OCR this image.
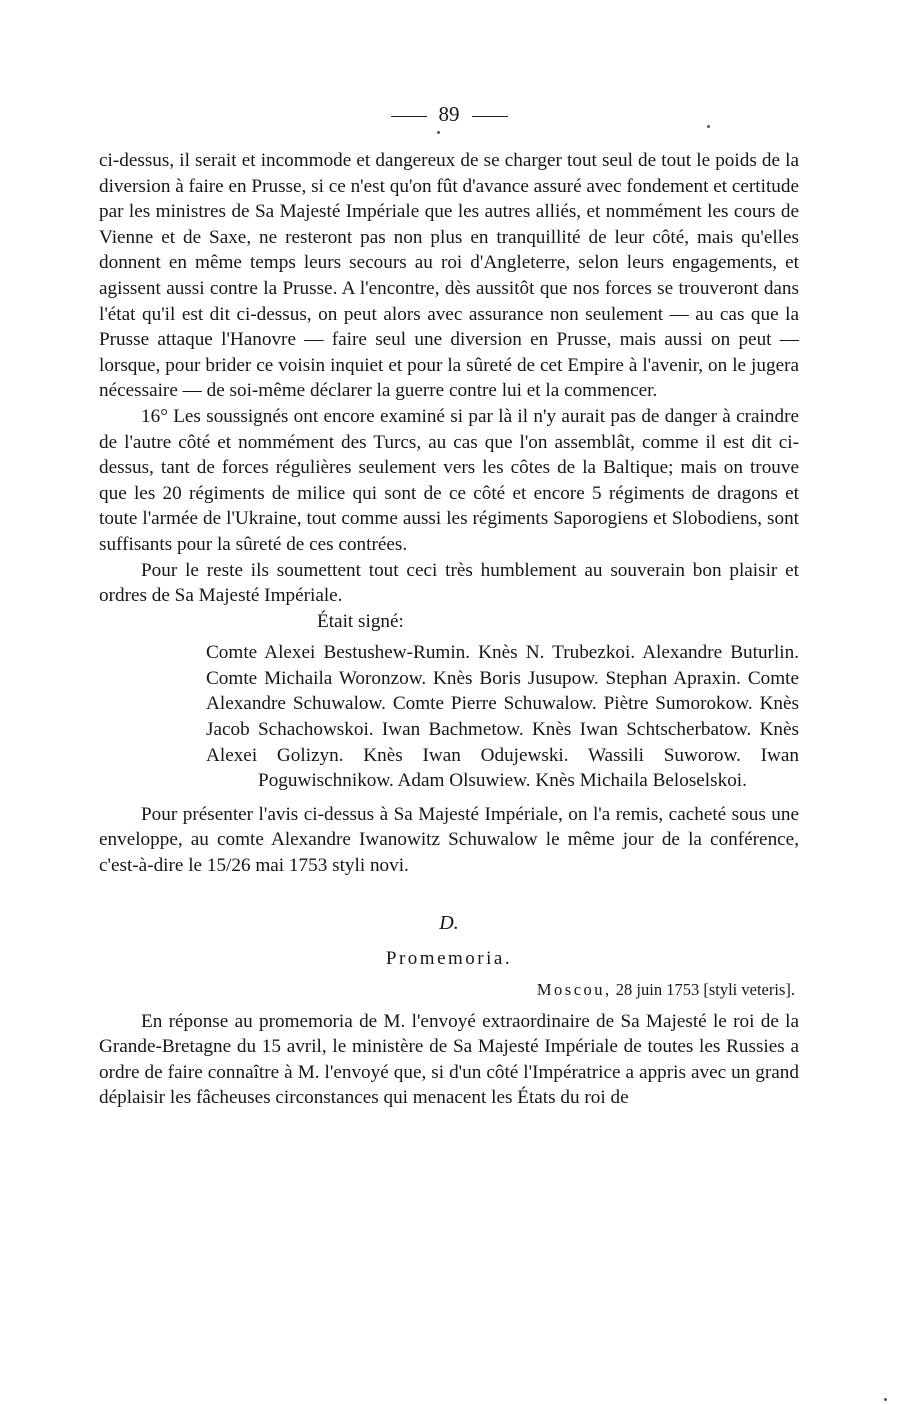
89

ci-dessus, il serait et incommode et dangereux de se charger tout seul de tout le poids de la diversion à faire en Prusse, si ce n'est qu'on fût d'avance assuré avec fondement et certitude par les ministres de Sa Majesté Impériale que les autres alliés, et nommément les cours de Vienne et de Saxe, ne resteront pas non plus en tranquillité de leur côté, mais qu'elles donnent en même temps leurs secours au roi d'Angleterre, selon leurs engagements, et agissent aussi contre la Prusse. A l'encontre, dès aussitôt que nos forces se trouveront dans l'état qu'il est dit ci-dessus, on peut alors avec assurance non seulement — au cas que la Prusse attaque l'Hanovre — faire seul une diversion en Prusse, mais aussi on peut — lorsque, pour brider ce voisin inquiet et pour la sûreté de cet Empire à l'avenir, on le jugera nécessaire — de soi-même déclarer la guerre contre lui et la commencer.

16° Les soussignés ont encore examiné si par là il n'y aurait pas de danger à craindre de l'autre côté et nommément des Turcs, au cas que l'on assemblât, comme il est dit ci-dessus, tant de forces régulières seulement vers les côtes de la Baltique; mais on trouve que les 20 régiments de milice qui sont de ce côté et encore 5 régiments de dragons et toute l'armée de l'Ukraine, tout comme aussi les régiments Saporogiens et Slobodiens, sont suffisants pour la sûreté de ces contrées.

Pour le reste ils soumettent tout ceci très humblement au souverain bon plaisir et ordres de Sa Majesté Impériale.

Était signé:

Comte Alexei Bestushew-Rumin. Knès N. Trubezkoi. Alexandre Buturlin. Comte Michaila Woronzow. Knès Boris Jusupow. Stephan Apraxin. Comte Alexandre Schuwalow. Comte Pierre Schuwalow. Piètre Sumorokow. Knès Jacob Schachowskoi. Iwan Bachmetow. Knès Iwan Schtscherbatow. Knès Alexei Golizyn. Knès Iwan Odujewski. Wassili Suworow. Iwan Poguwischnikow. Adam Olsuwiew. Knès Michaila Beloselskoi.

Pour présenter l'avis ci-dessus à Sa Majesté Impériale, on l'a remis, cacheté sous une enveloppe, au comte Alexandre Iwanowitz Schuwalow le même jour de la conférence, c'est-à-dire le 15/26 mai 1753 styli novi.

D.
Promemoria.
Moscou, 28 juin 1753 [styli veteris].

En réponse au promemoria de M. l'envoyé extraordinaire de Sa Majesté le roi de la Grande-Bretagne du 15 avril, le ministère de Sa Majesté Impériale de toutes les Russies a ordre de faire connaître à M. l'envoyé que, si d'un côté l'Impératrice a appris avec un grand déplaisir les fâcheuses circonstances qui menacent les États du roi de
